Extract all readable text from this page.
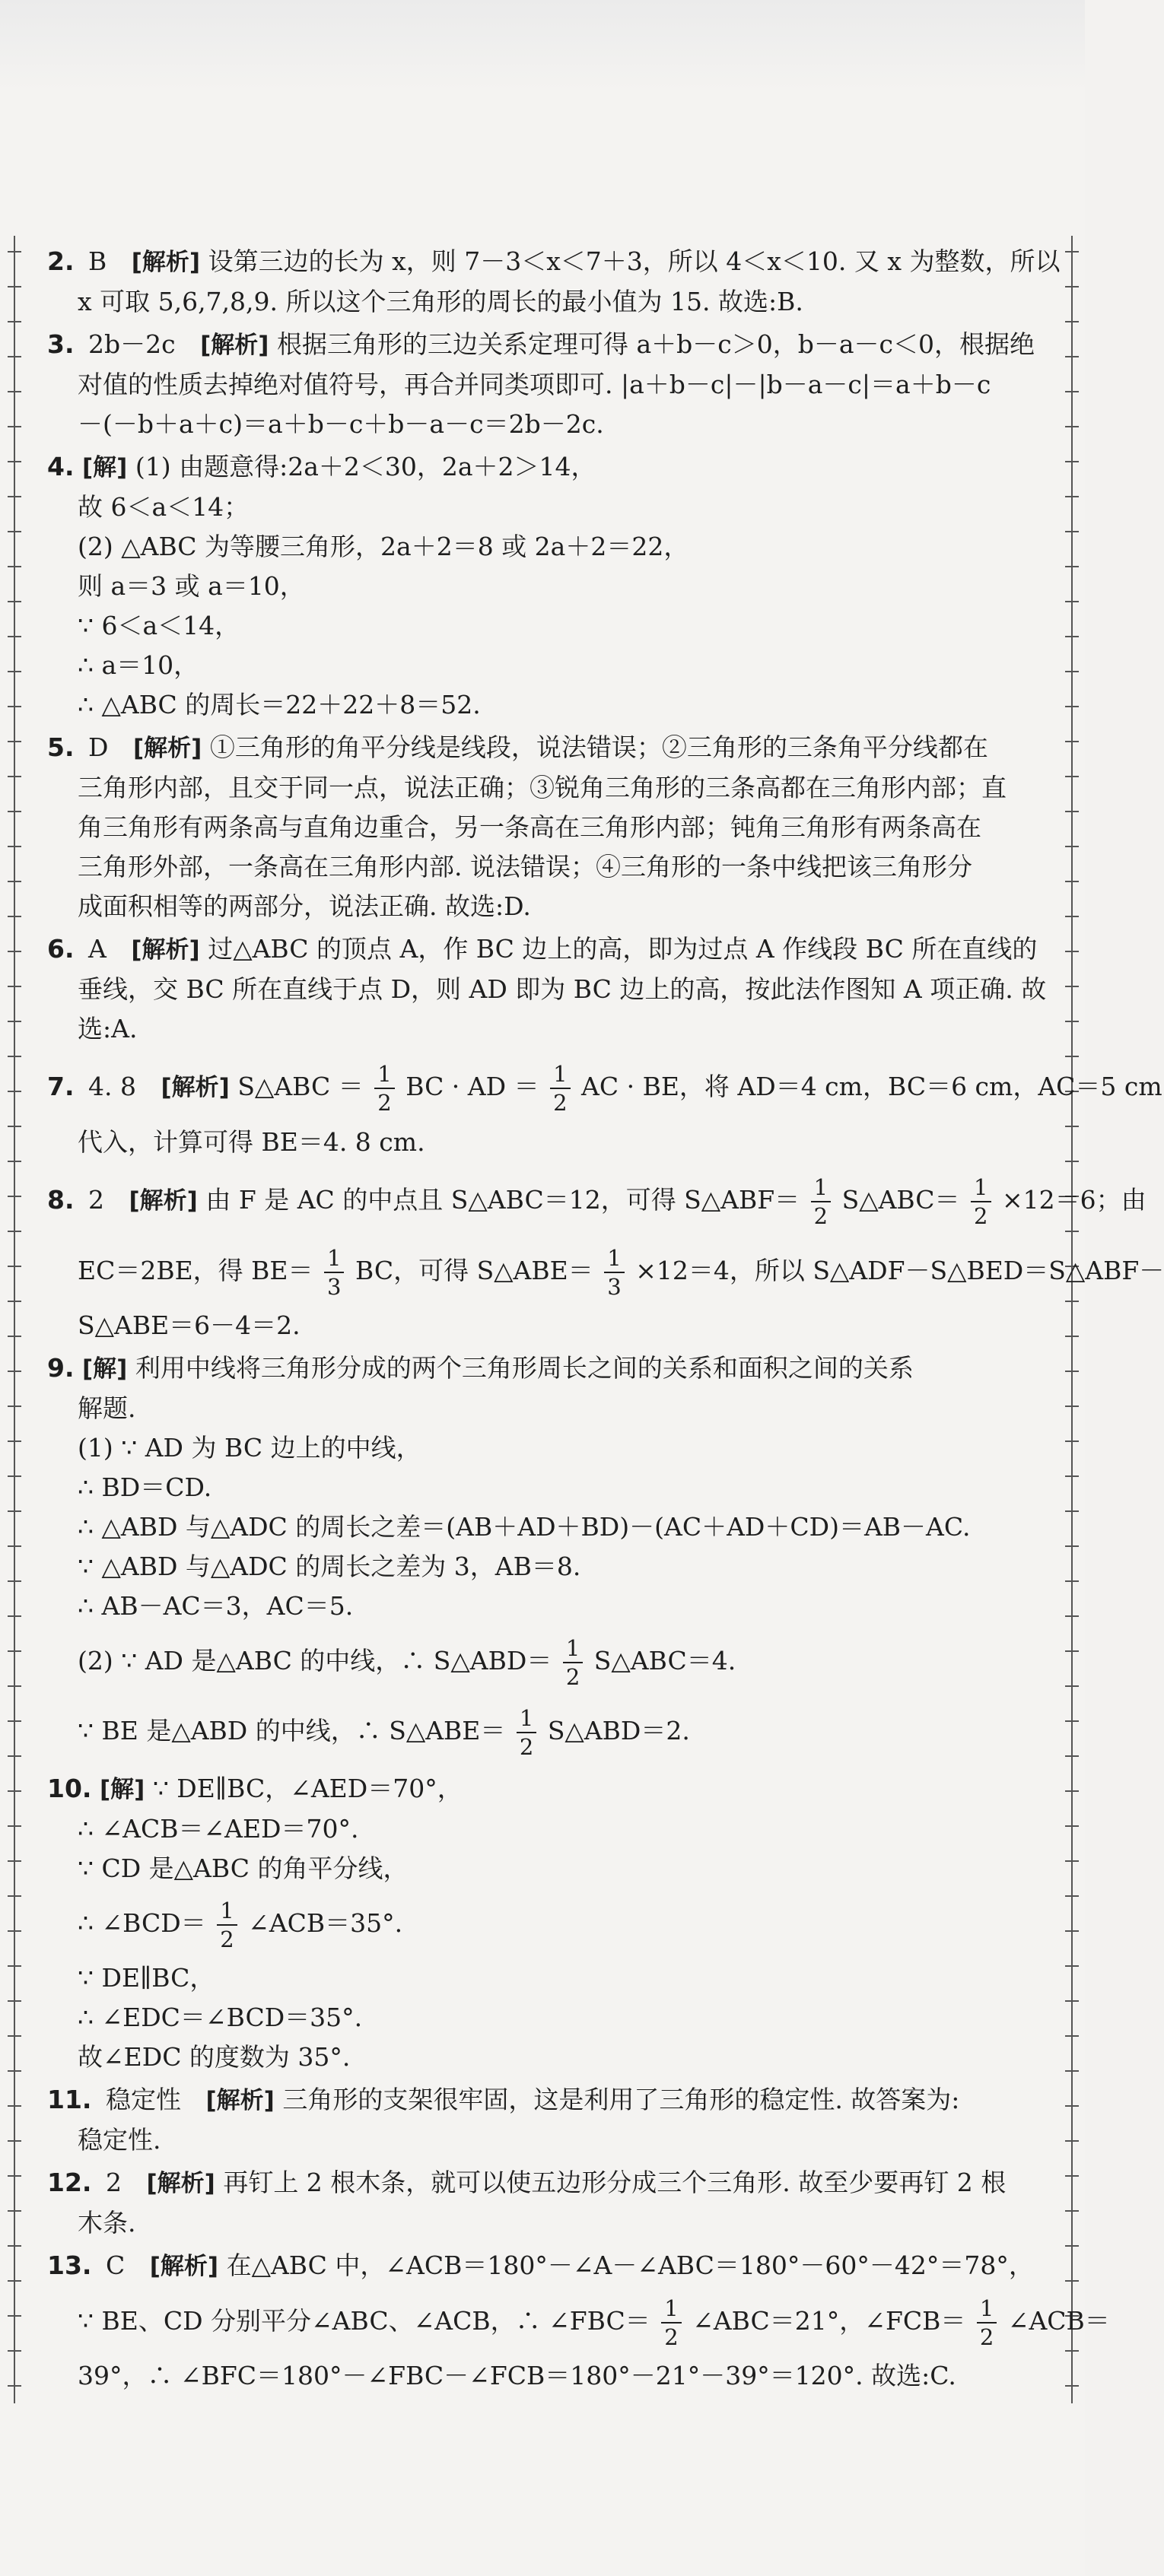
2. B [解析] 设第三边的长为 x，则 7－3＜x＜7＋3，所以 4＜x＜10. 又 x 为整数，所以
x 可取 5,6,7,8,9. 所以这个三角形的周长的最小值为 15. 故选:B.
3. 2b－2c [解析] 根据三角形的三边关系定理可得 a＋b－c＞0，b－a－c＜0，根据绝
对值的性质去掉绝对值符号，再合并同类项即可. |a＋b－c|－|b－a－c|＝a＋b－c
－(－b＋a＋c)＝a＋b－c＋b－a－c＝2b－2c.
4. [解] (1) 由题意得:2a＋2＜30，2a＋2＞14，
故 6＜a＜14；
(2) △ABC 为等腰三角形，2a＋2＝8 或 2a＋2＝22，
则 a＝3 或 a＝10，
∵ 6＜a＜14，
∴ a＝10，
∴ △ABC 的周长＝22＋22＋8＝52.
5. D [解析] ①三角形的角平分线是线段，说法错误；②三角形的三条角平分线都在
三角形内部，且交于同一点，说法正确；③锐角三角形的三条高都在三角形内部；直
角三角形有两条高与直角边重合，另一条高在三角形内部；钝角三角形有两条高在
三角形外部，一条高在三角形内部. 说法错误；④三角形的一条中线把该三角形分
成面积相等的两部分，说法正确. 故选:D.
6. A [解析] 过△ABC 的顶点 A，作 BC 边上的高，即为过点 A 作线段 BC 所在直线的
垂线，交 BC 所在直线于点 D，则 AD 即为 BC 边上的高，按此法作图知 A 项正确. 故
选:A.
7. 4. 8 [解析] S△ABC ＝ $\frac{1}{2}$ BC · AD ＝ $\frac{1}{2}$ AC · BE，将 AD＝4 cm，BC＝6 cm，AC＝5 cm
代入，计算可得 BE＝4. 8 cm.
8. 2 [解析] 由 F 是 AC 的中点且 S△ABC＝12，可得 S△ABF＝ $\frac{1}{2}$ S△ABC＝ $\frac{1}{2} \times 12=6$；由
EC＝2BE，得 $BE= \frac{1}{3}$ BC，可得 S△ABE＝ $\frac{1}{3} \times 12=4$，所以 S△ADF－S△BED＝S△ABF－
S△ABE＝6－4＝2.
9. [解] 利用中线将三角形分成的两个三角形周长之间的关系和面积之间的关系
解题.
(1) ∵ AD 为 BC 边上的中线，
∴ BD＝CD.
∴ △ABD 与△ADC 的周长之差＝(AB＋AD＋BD)－(AC＋AD＋CD)＝AB－AC.
∵ △ABD 与△ADC 的周长之差为 3，AB＝8.
∴ AB－AC＝3，AC＝5.
(2) ∵ AD 是△ABC 的中线，∴ S△ABD＝ $\frac{1}{2}$ S△ABC＝4.
∵ BE 是△ABD 的中线，∴ S△ABE＝ $\frac{1}{2}$ S△ABD＝2.
10. [解] ∵ DE∥BC，∠AED＝70°，
∴ ∠ACB＝∠AED＝70°.
∵ CD 是△ABC 的角平分线，
∴ ∠BCD＝ $\frac{1}{2}$ ∠ACB＝35°.
∵ DE∥BC，
∴ ∠EDC＝∠BCD＝35°.
故∠EDC 的度数为 35°.
11. 稳定性 [解析] 三角形的支架很牢固，这是利用了三角形的稳定性. 故答案为:
稳定性.
12. 2 [解析] 再钉上 2 根木条，就可以使五边形分成三个三角形. 故至少要再钉 2 根
木条.
13. C [解析] 在△ABC 中，∠ACB＝180°－∠A－∠ABC＝180°－60°－42°＝78°，
∵ BE、CD 分别平分∠ABC、∠ACB，∴ ∠FBC＝ $\frac{1}{2}$ ∠ABC＝21°，∠FCB＝ $\frac{1}{2}$ ∠ACB＝
39°，∴ ∠BFC＝180°－∠FBC－∠FCB＝180°－21°－39°＝120°. 故选:C.
